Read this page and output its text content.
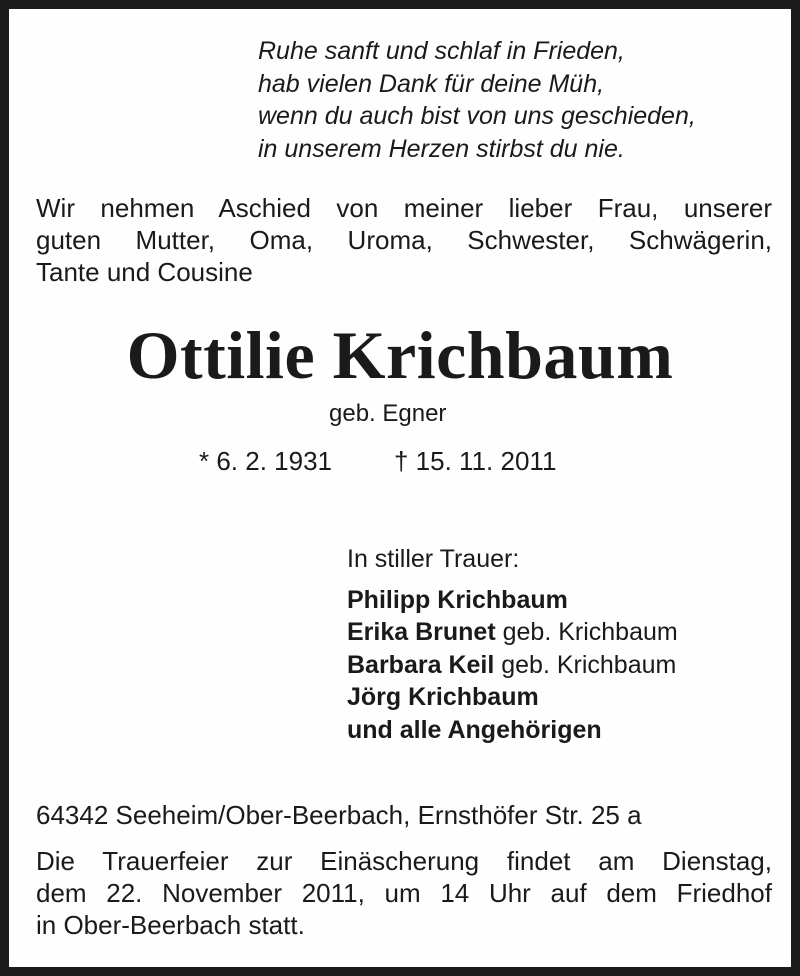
Ruhe sanft und schlaf in Frieden,
hab vielen Dank für deine Müh,
wenn du auch bist von uns geschieden,
in unserem Herzen stirbst du nie.
Wir nehmen Aschied von meiner lieber Frau, unserer
guten Mutter, Oma, Uroma, Schwester, Schwägerin,
Tante und Cousine
Ottilie Krichbaum
geb. Egner
* 6. 2. 1931 † 15. 11. 2011
In stiller Trauer:
Philipp Krichbaum
Erika Brunet geb. Krichbaum
Barbara Keil geb. Krichbaum
Jörg Krichbaum
und alle Angehörigen
64342 Seeheim/Ober-Beerbach, Ernsthöfer Str. 25 a
Die Trauerfeier zur Einäscherung findet am Dienstag,
dem 22. November 2011, um 14 Uhr auf dem Friedhof
in Ober-Beerbach statt.
